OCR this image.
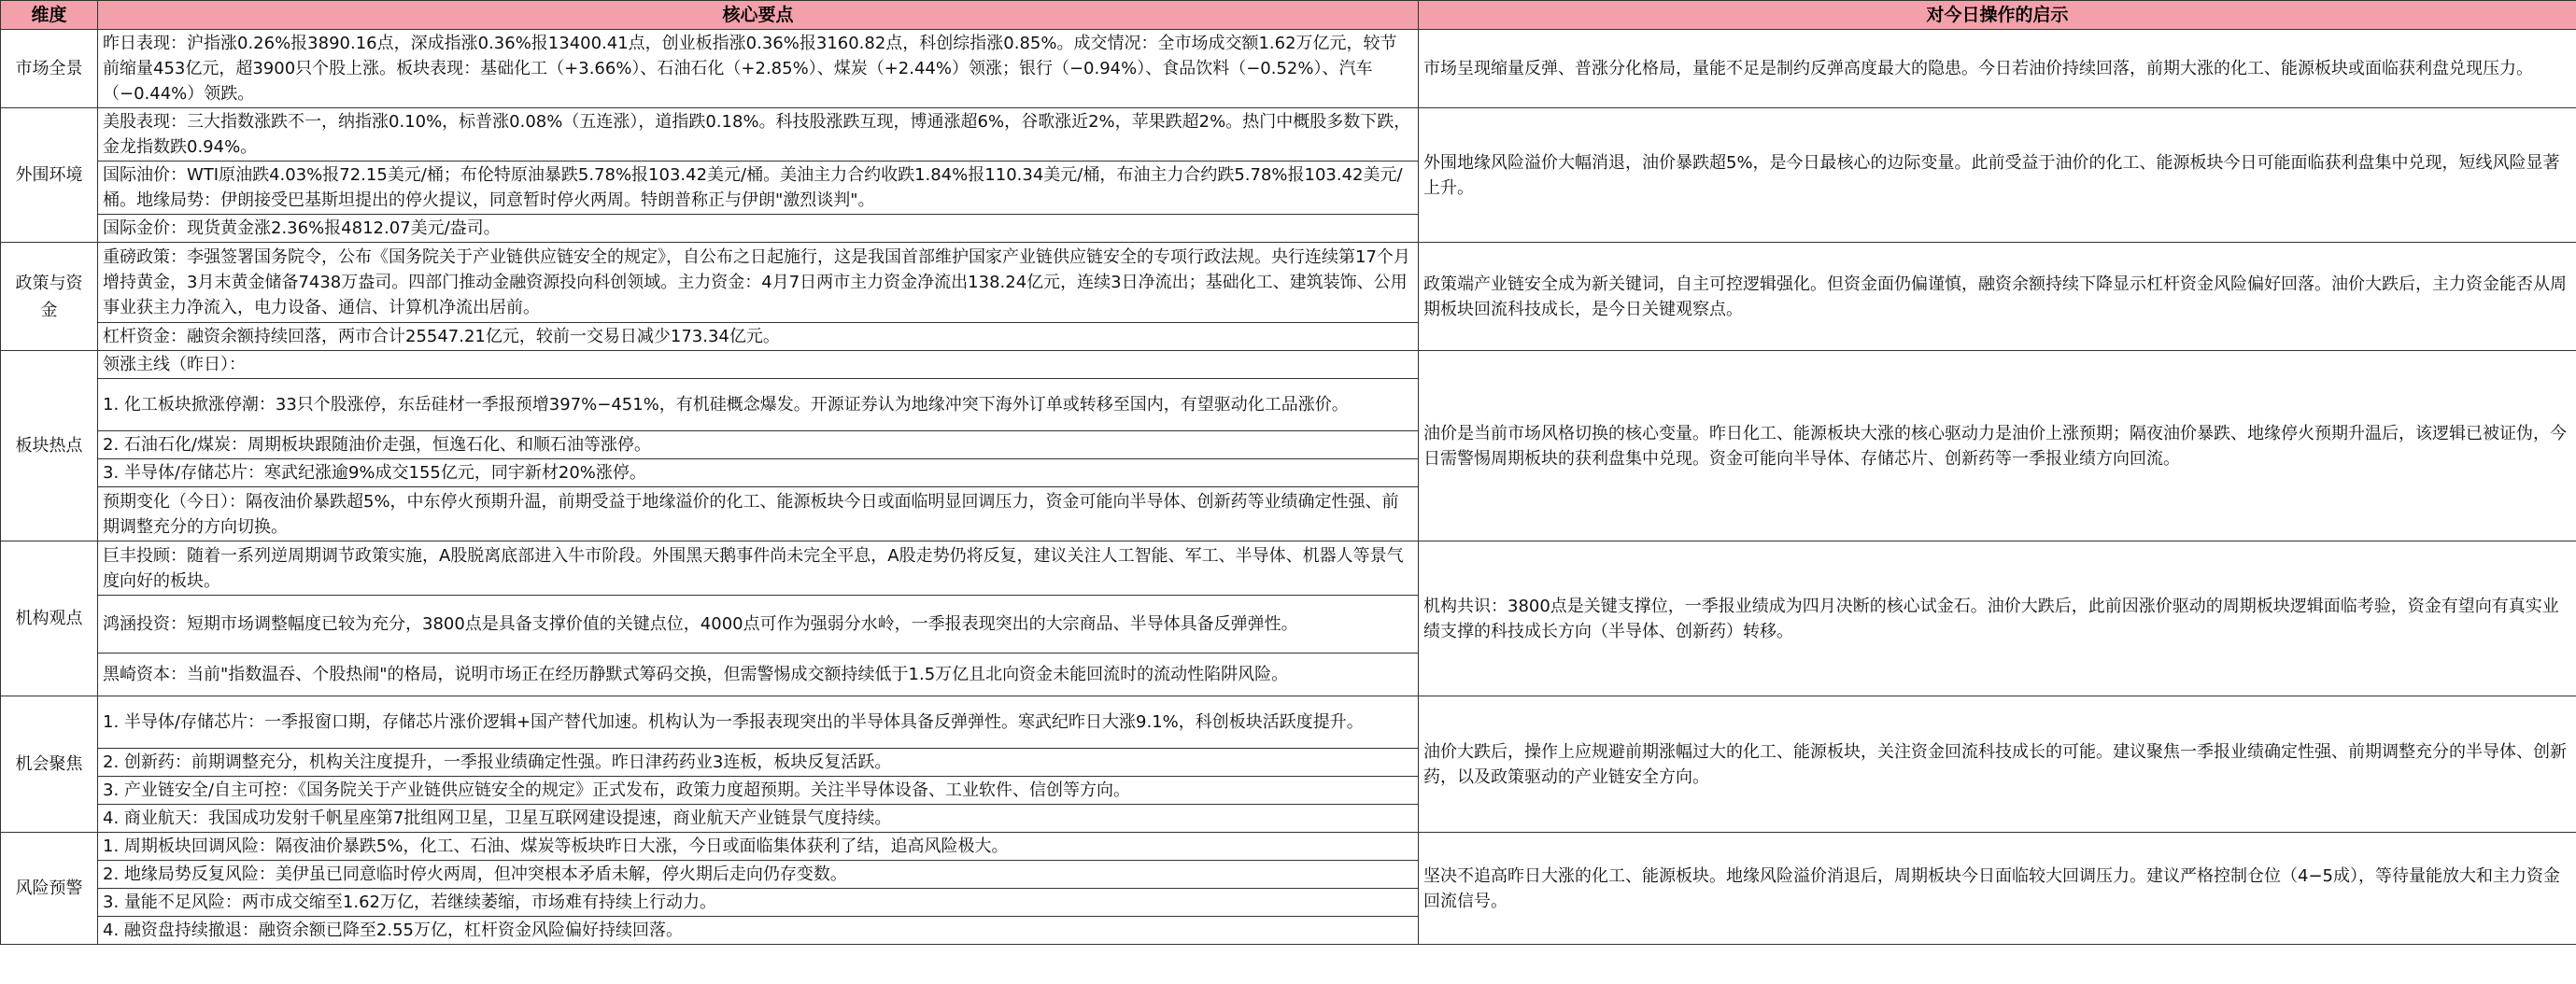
维度	核心要点	对今日操作的启示
市场全景	昨日表现：沪指涨0.26%报3890.16点，深成指涨0.36%报13400.41点，创业板指涨0.36%报3160.82点，科创综指涨0.85%。成交情况：全市场成交额1.62万亿元，较节前缩量453亿元，超3900只个股上涨。板块表现：基础化工（+3.66%）、石油石化（+2.85%）、煤炭（+2.44%）领涨；银行（−0.94%）、食品饮料（−0.52%）、汽车（−0.44%）领跌。	市场呈现缩量反弹、普涨分化格局，量能不足是制约反弹高度最大的隐患。今日若油价持续回落，前期大涨的化工、能源板块或面临获利盘兑现压力。
外围环境	美股表现：三大指数涨跌不一，纳指涨0.10%，标普涨0.08%（五连涨），道指跌0.18%。科技股涨跌互现，博通涨超6%，谷歌涨近2%，苹果跌超2%。热门中概股多数下跌，金龙指数跌0.94%。	外围地缘风险溢价大幅消退，油价暴跌超5%，是今日最核心的边际变量。此前受益于油价的化工、能源板块今日可能面临获利盘集中兑现，短线风险显著上升。
	国际油价：WTI原油跌4.03%报72.15美元/桶；布伦特原油暴跌5.78%报103.42美元/桶。美油主力合约收跌1.84%报110.34美元/桶，布油主力合约跌5.78%报103.42美元/桶。地缘局势：伊朗接受巴基斯坦提出的停火提议，同意暂时停火两周。特朗普称正与伊朗"激烈谈判"。	
	国际金价：现货黄金涨2.36%报4812.07美元/盎司。	

政策与资金	重磅政策：李强签署国务院令，公布《国务院关于产业链供应链安全的规定》，自公布之日起施行，这是我国首部维护国家产业链供应链安全的专项行政法规。央行连续第17个月增持黄金，3月末黄金储备7438万盎司。四部门推动金融资源投向科创领域。主力资金：4月7日两市主力资金净流出138.24亿元，连续3日净流出；基础化工、建筑装饰、公用事业获主力净流入，电力设备、通信、计算机净流出居前。	政策端产业链安全成为新关键词，自主可控逻辑强化。但资金面仍偏谨慎，融资余额持续下降显示杠杆资金风险偏好回落。油价大跌后，主力资金能否从周期板块回流科技成长，是今日关键观察点。
	杠杆资金：融资余额持续回落，两市合计25547.21亿元，较前一交易日减少173.34亿元。	
板块热点	领涨主线（昨日）：	油价是当前市场风格切换的核心变量。昨日化工、能源板块大涨的核心驱动力是油价上涨预期；隔夜油价暴跌、地缘停火预期升温后，该逻辑已被证伪，今日需警惕周期板块的获利盘集中兑现。资金可能向半导体、存储芯片、创新药等一季报业绩方向回流。
	1. 化工板块掀涨停潮：33只个股涨停，东岳硅材一季报预增397%−451%，有机硅概念爆发。开源证券认为地缘冲突下海外订单或转移至国内，有望驱动化工品涨价。	
	2. 石油石化/煤炭：周期板块跟随油价走强，恒逸石化、和顺石油等涨停。	
	3. 半导体/存储芯片：寒武纪涨逾9%成交155亿元，同宇新材20%涨停。	
	预期变化（今日）：隔夜油价暴跌超5%，中东停火预期升温，前期受益于地缘溢价的化工、能源板块今日或面临明显回调压力，资金可能向半导体、创新药等业绩确定性强、前期调整充分的方向切换。	
机构观点	巨丰投顾：随着一系列逆周期调节政策实施，A股脱离底部进入牛市阶段。外围黑天鹅事件尚未完全平息，A股走势仍将反复，建议关注人工智能、军工、半导体、机器人等景气度向好的板块。	机构共识：3800点是关键支撑位，一季报业绩成为四月决断的核心试金石。油价大跌后，此前因涨价驱动的周期板块逻辑面临考验，资金有望向有真实业绩支撑的科技成长方向（半导体、创新药）转移。
	鸿涵投资：短期市场调整幅度已较为充分，3800点是具备支撑价值的关键点位，4000点可作为强弱分水岭，一季报表现突出的大宗商品、半导体具备反弹弹性。	
	黑崎资本：当前"指数温吞、个股热闹"的格局，说明市场正在经历静默式筹码交换，但需警惕成交额持续低于1.5万亿且北向资金未能回流时的流动性陷阱风险。	
机会聚焦	1. 半导体/存储芯片：一季报窗口期，存储芯片涨价逻辑+国产替代加速。机构认为一季报表现突出的半导体具备反弹弹性。寒武纪昨日大涨9.1%，科创板块活跃度提升。	油价大跌后，操作上应规避前期涨幅过大的化工、能源板块，关注资金回流科技成长的可能。建议聚焦一季报业绩确定性强、前期调整充分的半导体、创新药，以及政策驱动的产业链安全方向。
	2. 创新药：前期调整充分，机构关注度提升，一季报业绩确定性强。昨日津药药业3连板，板块反复活跃。	
	3. 产业链安全/自主可控：《国务院关于产业链供应链安全的规定》正式发布，政策力度超预期。关注半导体设备、工业软件、信创等方向。	
	4. 商业航天：我国成功发射千帆星座第7批组网卫星，卫星互联网建设提速，商业航天产业链景气度持续。	
风险预警	1. 周期板块回调风险：隔夜油价暴跌5%，化工、石油、煤炭等板块昨日大涨，今日或面临集体获利了结，追高风险极大。	坚决不追高昨日大涨的化工、能源板块。地缘风险溢价消退后，周期板块今日面临较大回调压力。建议严格控制仓位（4−5成），等待量能放大和主力资金回流信号。
	2. 地缘局势反复风险：美伊虽已同意临时停火两周，但冲突根本矛盾未解，停火期后走向仍存变数。	
	3. 量能不足风险：两市成交缩至1.62万亿，若继续萎缩，市场难有持续上行动力。	
	4. 融资盘持续撤退：融资余额已降至2.55万亿，杠杆资金风险偏好持续回落。	
